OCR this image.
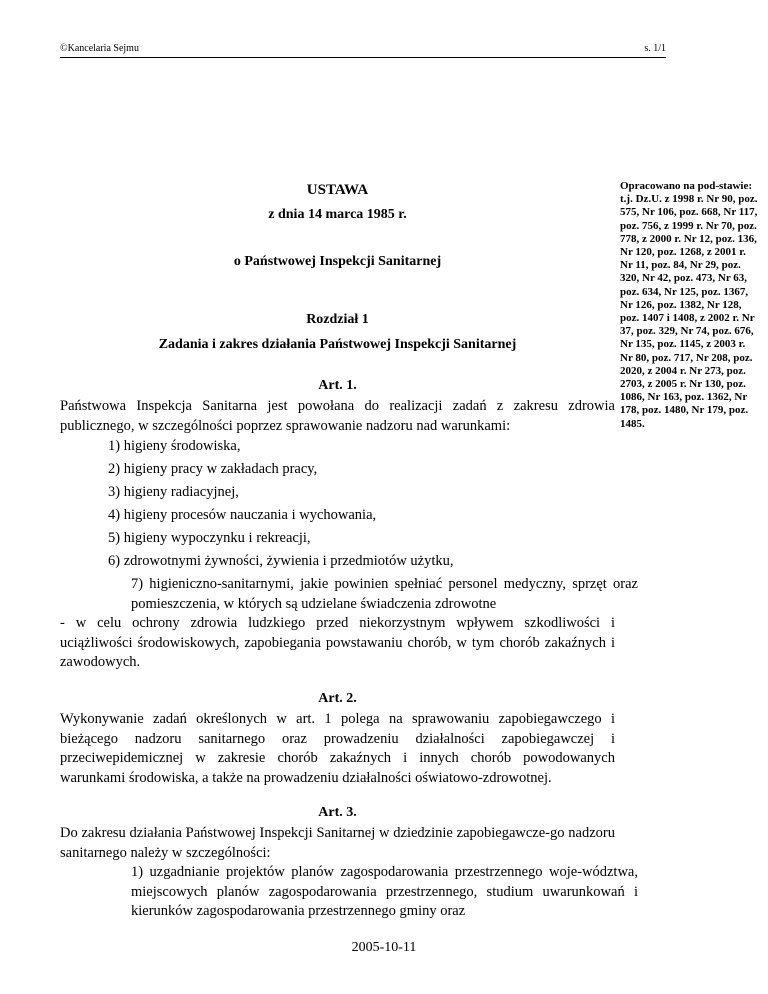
©Kancelaria Sejmu	s. 1/1
Opracowano na pod-stawie: t.j. Dz.U. z 1998 r. Nr 90, poz. 575, Nr 106, poz. 668, Nr 117, poz. 756, z 1999 r. Nr 70, poz. 778, z 2000 r. Nr 12, poz. 136, Nr 120, poz. 1268, z 2001 r. Nr 11, poz. 84, Nr 29, poz. 320, Nr 42, poz. 473, Nr 63, poz. 634, Nr 125, poz. 1367, Nr 126, poz. 1382, Nr 128, poz. 1407 i 1408, z 2002 r. Nr 37, poz. 329, Nr 74, poz. 676, Nr 135, poz. 1145, z 2003 r. Nr 80, poz. 717, Nr 208, poz. 2020, z 2004 r. Nr 273, poz. 2703, z 2005 r. Nr 130, poz. 1086, Nr 163, poz. 1362, Nr 178, poz. 1480, Nr 179, poz. 1485.
USTAWA
z dnia 14 marca 1985 r.
o Państwowej Inspekcji Sanitarnej
Rozdział 1
Zadania i zakres działania Państwowej Inspekcji Sanitarnej
Art. 1.
Państwowa Inspekcja Sanitarna jest powołana do realizacji zadań z zakresu zdrowia publicznego, w szczególności poprzez sprawowanie nadzoru nad warunkami:
1) higieny środowiska,
2) higieny pracy w zakładach pracy,
3) higieny radiacyjnej,
4) higieny procesów nauczania i wychowania,
5) higieny wypoczynku i rekreacji,
6) zdrowotnymi żywności, żywienia i przedmiotów użytku,
7) higieniczno-sanitarnymi, jakie powinien spełniać personel medyczny, sprzęt oraz pomieszczenia, w których są udzielane świadczenia zdrowotne
- w celu ochrony zdrowia ludzkiego przed niekorzystnym wpływem szkodliwości i uciążliwości środowiskowych, zapobiegania powstawaniu chorób, w tym chorób zakaźnych i zawodowych.
Art. 2.
Wykonywanie zadań określonych w art. 1 polega na sprawowaniu zapobiegawczego i bieżącego nadzoru sanitarnego oraz prowadzeniu działalności zapobiegawczej i przeciwepidemicznej w zakresie chorób zakaźnych i innych chorób powodowanych warunkami środowiska, a także na prowadzeniu działalności oświatowo-zdrowotnej.
Art. 3.
Do zakresu działania Państwowej Inspekcji Sanitarnej w dziedzinie zapobiegawcze-go nadzoru sanitarnego należy w szczególności:
1) uzgadnianie projektów planów zagospodarowania przestrzennego woje-wództwa, miejscowych planów zagospodarowania przestrzennego, studium uwarunkowań i kierunków zagospodarowania przestrzennego gminy oraz
2005-10-11
